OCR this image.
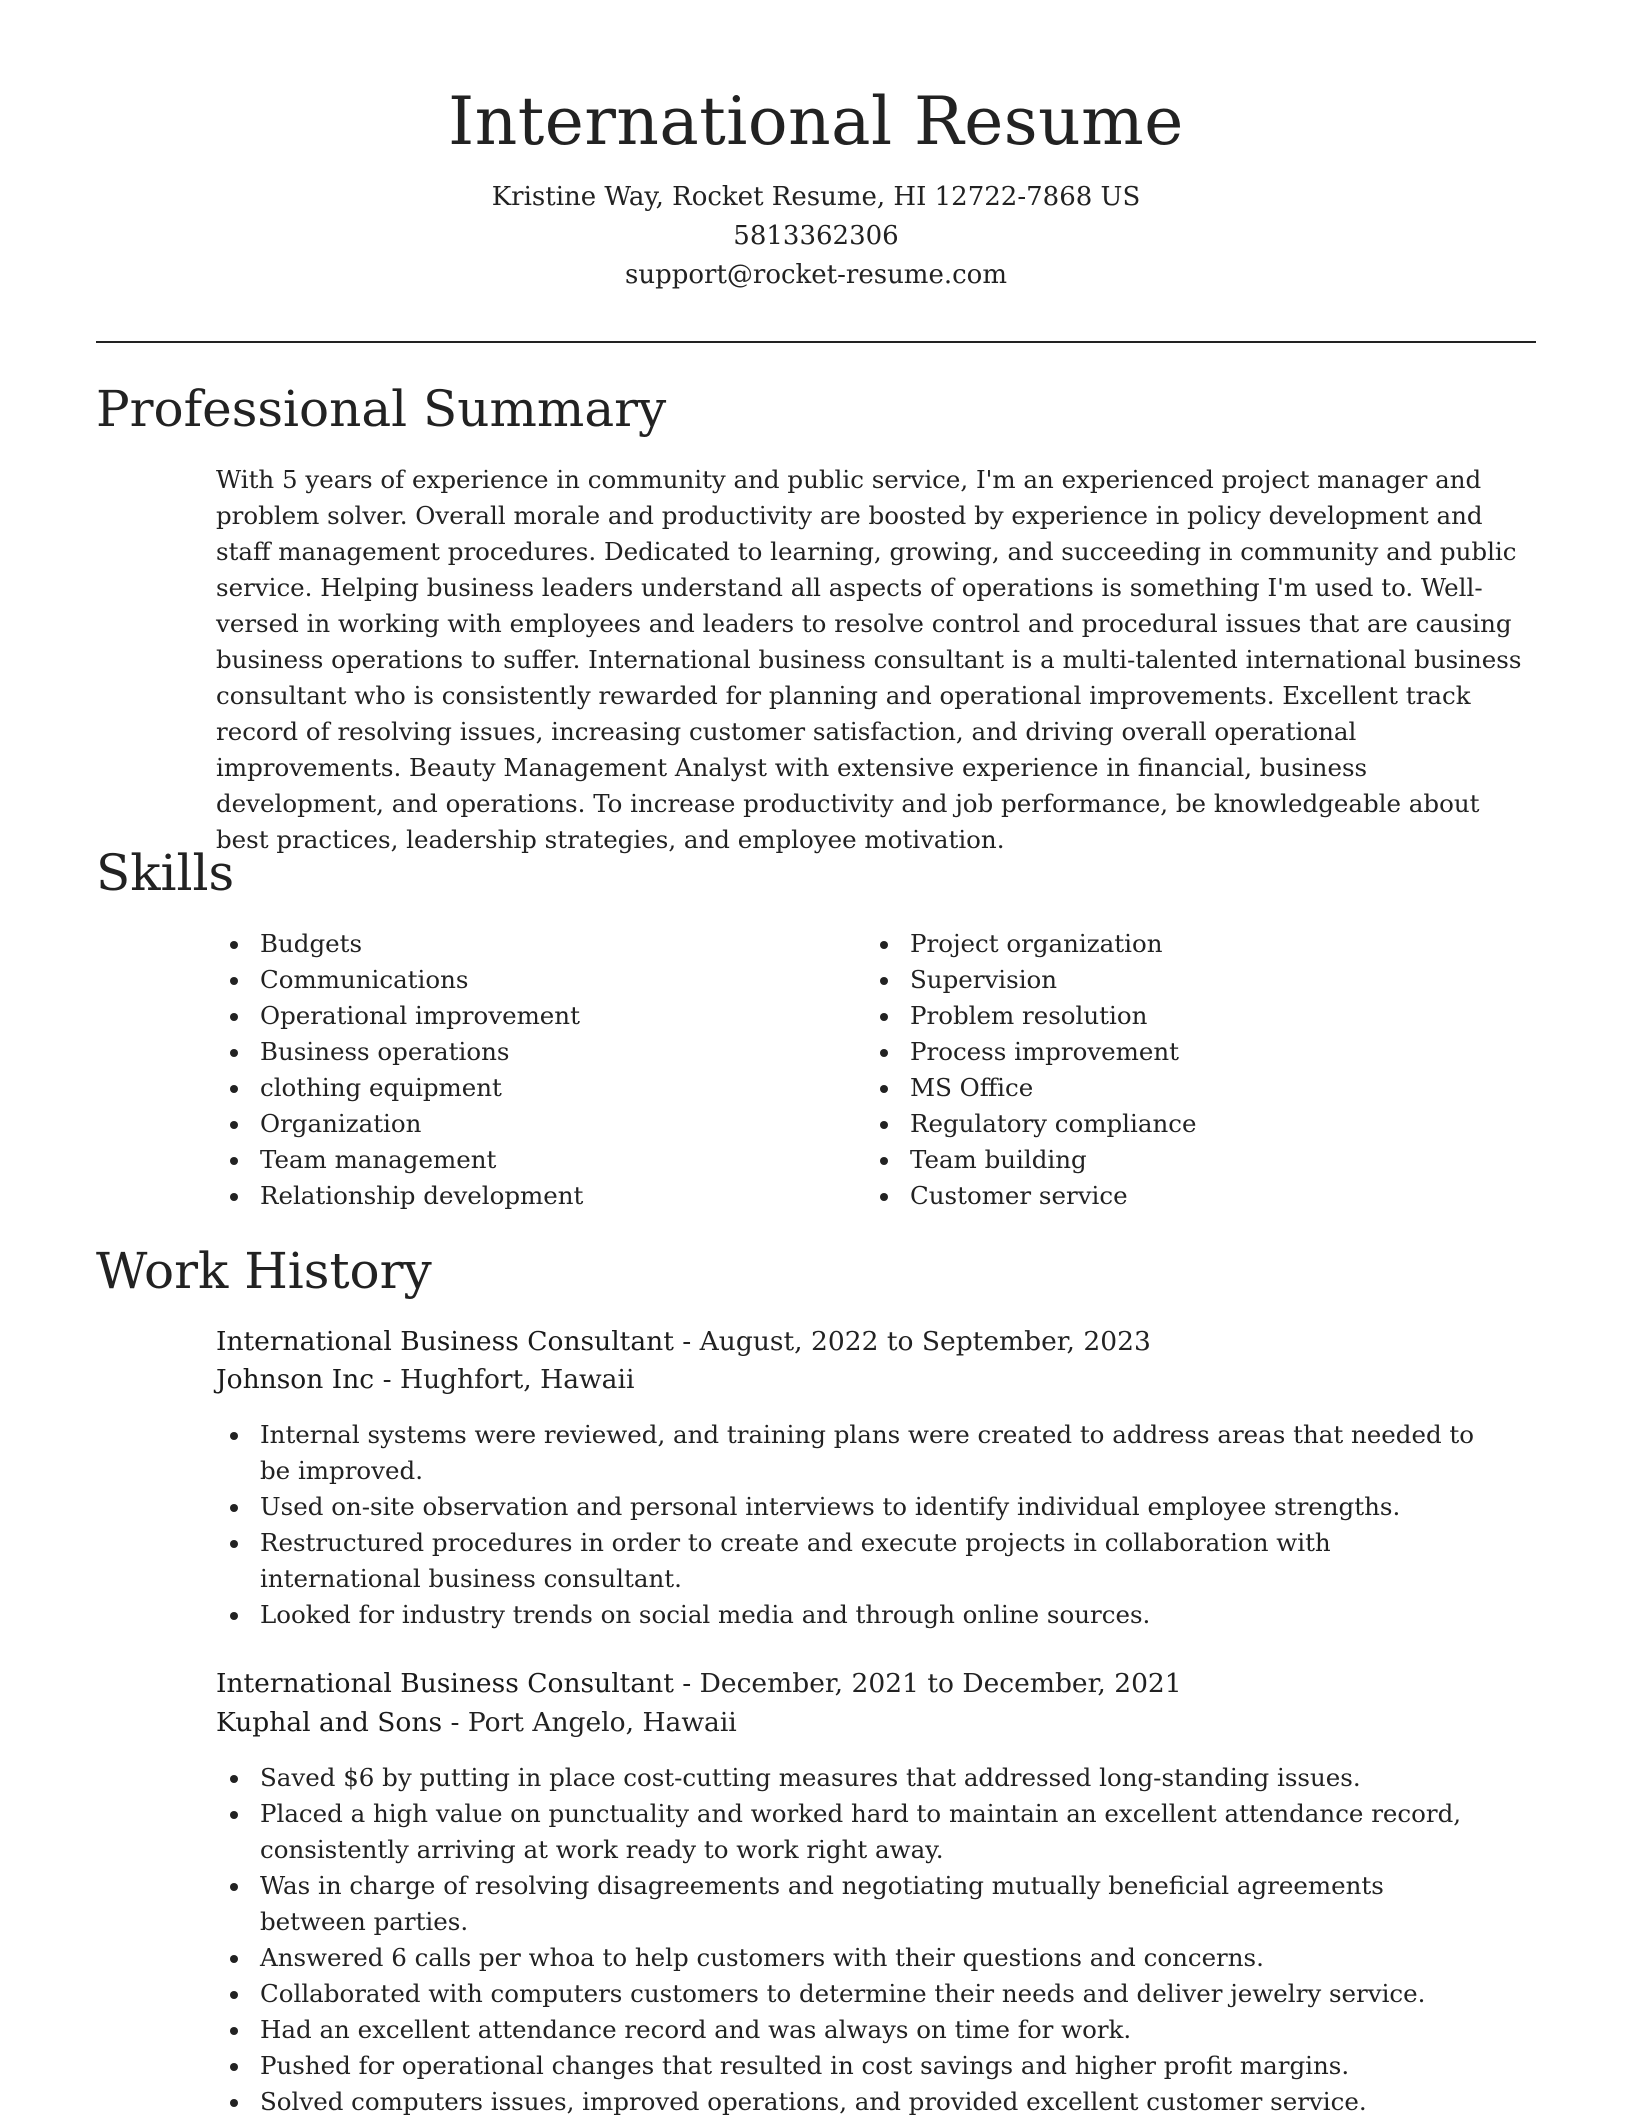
International Resume
Kristine Way, Rocket Resume, HI 12722-7868 US
5813362306
support@rocket-resume.com
Professional Summary

With 5 years of experience in community and public service, I'm an experienced project manager and problem solver. Overall morale and productivity are boosted by experience in policy development and staff management procedures. Dedicated to learning, growing, and succeeding in community and public service. Helping business leaders understand all aspects of operations is something I'm used to. Well-versed in working with employees and leaders to resolve control and procedural issues that are causing business operations to suffer. International business consultant is a multi-talented international business consultant who is consistently rewarded for planning and operational improvements. Excellent track record of resolving issues, increasing customer satisfaction, and driving overall operational improvements. Beauty Management Analyst with extensive experience in financial, business development, and operations. To increase productivity and job performance, be knowledgeable about best practices, leadership strategies, and employee motivation.

Skills
Budgets
Communications
Operational improvement
Business operations
clothing equipment
Organization
Team management
Relationship development
Project organization
Supervision
Problem resolution
Process improvement
MS Office
Regulatory compliance
Team building
Customer service
Work History
International Business Consultant - August, 2022 to September, 2023
Johnson Inc - Hughfort, Hawaii
Internal systems were reviewed, and training plans were created to address areas that needed to be improved.
Used on-site observation and personal interviews to identify individual employee strengths.
Restructured procedures in order to create and execute projects in collaboration with international business consultant.
Looked for industry trends on social media and through online sources.
International Business Consultant - December, 2021 to December, 2021
Kuphal and Sons - Port Angelo, Hawaii
Saved $6 by putting in place cost-cutting measures that addressed long-standing issues.
Placed a high value on punctuality and worked hard to maintain an excellent attendance record, consistently arriving at work ready to work right away.
Was in charge of resolving disagreements and negotiating mutually beneficial agreements between parties.
Answered 6 calls per whoa to help customers with their questions and concerns.
Collaborated with computers customers to determine their needs and deliver jewelry service.
Had an excellent attendance record and was always on time for work.
Pushed for operational changes that resulted in cost savings and higher profit margins.
Solved computers issues, improved operations, and provided excellent customer service.
